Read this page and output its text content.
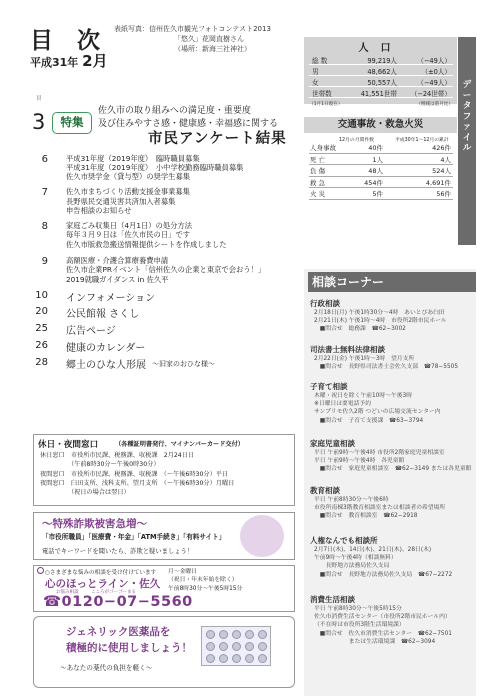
目 次
平成31年 2月
表紙写真：信州佐久市観光フォトコンテスト2013
「悠久」花岡直樹さん
（場所：新海三社神社）
頁
3	特集
佐久市の取り組みへの満足度・重要度
及び住みやすさ感・健康感・幸福感に関する
市民アンケート結果
6 平成31年度（2019年度）　臨時職員募集
平成31年度（2019年度）　小中学校勤務臨時職員募集
佐久市奨学金（貸与型）の奨学生募集
7 佐久市まちづくり活動支援金事業募集
長野県民交通災害共済加入者募集
申告相談のお知らせ
8 家庭ごみ収集日（4月1日）の処分方法
毎年３月９日は「佐久市民の日」です
佐久市版救急搬送情報提供シートを作成しました
9 高額医療・介護合算療養費申請
佐久市企業PRイベント「信州佐久の企業と東京で会おう！」
2019就職ガイダンス in 佐久平
10 インフォメーション
20 公民館報 さくし
25 広告ページ
26 健康のカレンダー
28 郷土のひな人形展 〜旧家のおひな様〜
人口
総 数	99,219人	（−49人）
男	48,662人	（±0人）
女	50,557人	（−49人）
世帯数	41,551世帯 （−24世帯）
（1月1日現在）	（増減は前月比）
データファイル
交通事故・救急火災
12月の月間件数	平成30年1〜12月の累計
人身事故	40件	426件
死 亡	1人	4人
負 傷	48人	524人
救 急	454件	4,691件
火 災	5件	56件
相談コーナー
行政相談
2月18日(月) 午後1時30分〜4時　あいとぴあ臼田
2月21日(木) 午後1時〜4時　市役所2階市民ホール
　■問合せ　総務課　☎62−3002
司法書士無料法律相談
2月22日(金) 午後1時〜3時　望月支所
　■問合せ　長野県司法書士会佐久支部　☎78−5505
子育て相談
木曜・祝日を除く午前10時〜午後3時
※日曜日は要電話予約
サンプリモ佐久2階 つどいの広場交流センター内
　■問合せ　子育て支援課　☎63−3794
家庭児童相談
平日 午前9時〜午後4時 市役所2階家庭児童相談室
平日 午前9時〜午後4時　各児童館
　■問合せ　家庭児童相談室　☎62−3149 または各児童館
教育相談
平日 午前8時30分〜午後6時
市役所南棟3階教育相談室または相談者の希望場所
　■問合せ　教育相談室　☎62−2918
人権なんでも相談所
2月7日(木)、14日(木)、21日(木)、28日(木)
午前9時〜午後4時（相談無料）
　　長野地方法務局佐久支局
　■問合せ　長野地方法務局佐久支局　☎67−2272
消費生活相談
平日 午前8時30分〜午後5時15分
佐久市消費生活センター（市役所2階市民ホール内）
（不在時は市役所3階生活環境課）
　■問合せ　佐久市消費生活センター　☎62−7501
　　　　　　または生活環境課　☎62−3094
休日・夜間窓口	（各種証明書発行、マイナンバーカード交付）
休日窓口　市役所市民課、税務課、収税課　2月24日日
　　　　　（午前8時30分〜午後0時30分）
夜間窓口　市役所市民課、税務課、収税課　（〜午後6時30分）平日
夜間窓口　臼田支所、浅科支所、望月支所　（〜午後6時30分）月曜日
　　　　　（祝日の場合は翌日）
〜特殊詐欺被害急増〜
「市役所職員」「医療費・年金」「ATM手続き」「有料サイト」
電話でキーワードを聞いたら、詐欺と疑いましょう！
○さまざまな悩みの相談を受け付けています
心のほっとライン・佐久
お悩み相談	こころがゴーゴーまる
☎0120−07−5560
月〜金曜日
（祝日・年末年始を除く）
午前8時30分〜午後5時15分
ジェネリック医薬品を
積極的に使用しましょう！
〜あなたの薬代の負担を軽く〜
